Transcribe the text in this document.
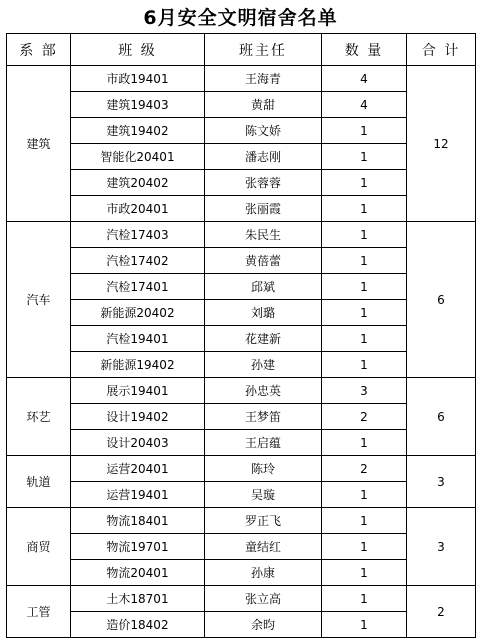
6月安全文明宿舍名单
系 部	班 级	班主任	数 量	合 计
建筑	市政19401	王海青	4	12
	建筑19403	黄甜	4	
	建筑19402	陈文娇	1	
	智能化20401	潘志刚	1	
	建筑20402	张蓉蓉	1	
	市政20401	张丽霞	1	
汽车	汽检17403	朱民生	1	6
	汽检17402	黄蓓蕾	1	
	汽检17401	邱斌	1	
	新能源20402	刘璐	1	
	汽检19401	花建新	1	
	新能源19402	孙建	1	
环艺	展示19401	孙忠英	3	6
	设计19402	王梦笛	2	
	设计20403	王启蕴	1	
轨道	运营20401	陈玲	2	3
	运营19401	吴璇	1	
商贸	物流18401	罗正飞	1	3
	物流19701	童结红	1	
	物流20401	孙康	1	
工管	土木18701	张立高	1	2
	造价18402	余昀	1	
